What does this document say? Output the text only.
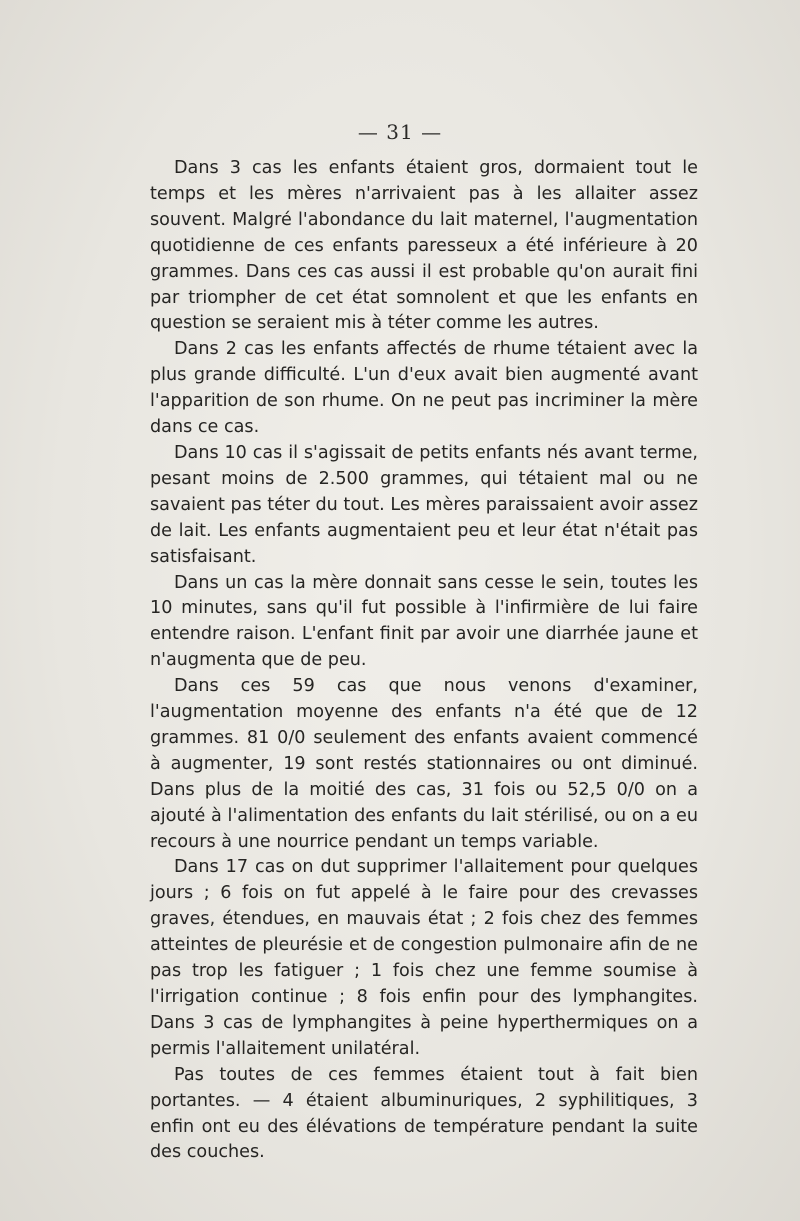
— 31 —

Dans 3 cas les enfants étaient gros, dormaient tout le temps et les mères n'arrivaient pas à les allaiter assez souvent. Malgré l'abondance du lait maternel, l'augmentation quotidienne de ces enfants paresseux a été inférieure à 20 grammes. Dans ces cas aussi il est probable qu'on aurait fini par triompher de cet état somnolent et que les enfants en question se seraient mis à téter comme les autres.

Dans 2 cas les enfants affectés de rhume tétaient avec la plus grande difficulté. L'un d'eux avait bien augmenté avant l'apparition de son rhume. On ne peut pas incriminer la mère dans ce cas.

Dans 10 cas il s'agissait de petits enfants nés avant terme, pesant moins de 2.500 grammes, qui tétaient mal ou ne savaient pas téter du tout. Les mères paraissaient avoir assez de lait. Les enfants augmentaient peu et leur état n'était pas satisfaisant.

Dans un cas la mère donnait sans cesse le sein, toutes les 10 minutes, sans qu'il fut possible à l'infirmière de lui faire entendre raison. L'enfant finit par avoir une diarrhée jaune et n'augmenta que de peu.

Dans ces 59 cas que nous venons d'examiner, l'augmentation moyenne des enfants n'a été que de 12 grammes. 81 0/0 seulement des enfants avaient commencé à augmenter, 19 sont restés stationnaires ou ont diminué. Dans plus de la moitié des cas, 31 fois ou 52,5 0/0 on a ajouté à l'alimentation des enfants du lait stérilisé, ou on a eu recours à une nourrice pendant un temps variable.

Dans 17 cas on dut supprimer l'allaitement pour quelques jours ; 6 fois on fut appelé à le faire pour des crevasses graves, étendues, en mauvais état ; 2 fois chez des femmes atteintes de pleurésie et de congestion pulmonaire afin de ne pas trop les fatiguer ; 1 fois chez une femme soumise à l'irrigation continue ; 8 fois enfin pour des lymphangites. Dans 3 cas de lymphangites à peine hyperthermiques on a permis l'allaitement unilatéral.

Pas toutes de ces femmes étaient tout à fait bien portantes. — 4 étaient albuminuriques, 2 syphilitiques, 3 enfin ont eu des élévations de température pendant la suite des couches.
